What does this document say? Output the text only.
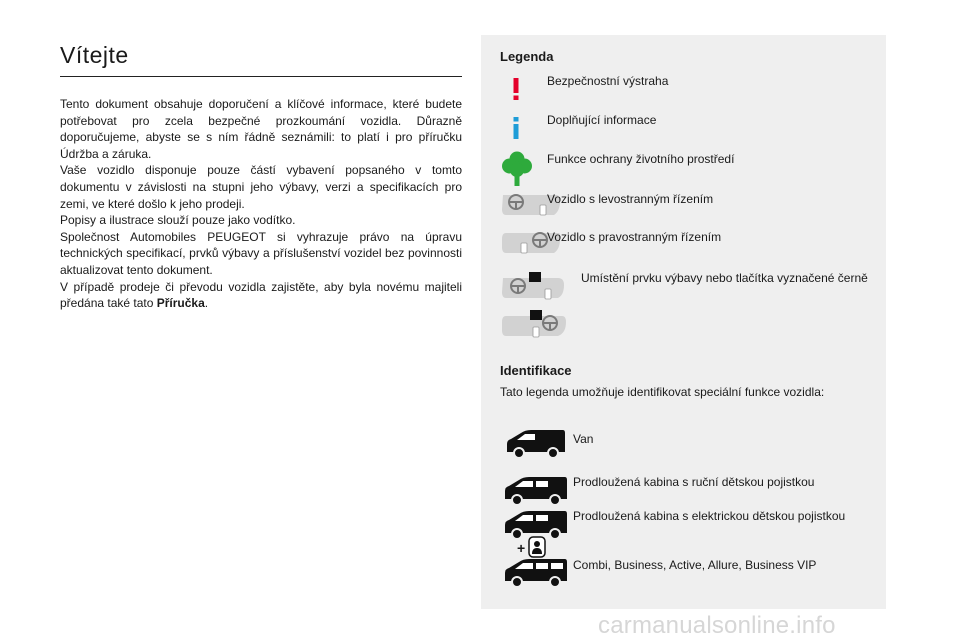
Vítejte

Tento dokument obsahuje doporučení a klíčové informace, které budete potřebovat pro zcela bezpečné prozkoumání vozidla. Důrazně doporučujeme, abyste se s ním řádně seznámili: to platí i pro příručku Údržba a záruka.

Vaše vozidlo disponuje pouze částí vybavení popsaného v tomto dokumentu v závislosti na stupni jeho výbavy, verzi a specifikacích pro zemi, ve které došlo k jeho prodeji.

Popisy a ilustrace slouží pouze jako vodítko.

Společnost Automobiles PEUGEOT si vyhrazuje právo na úpravu technických specifikací, prvků výbavy a příslušenství vozidel bez povinnosti aktualizovat tento dokument.

V případě prodeje či převodu vozidla zajistěte, aby byla novému majiteli předána také tato Příručka.

Legenda
Bezpečnostní výstraha
Doplňující informace
Funkce ochrany životního prostředí
Vozidlo s levostranným řízením
Vozidlo s pravostranným řízením
Umístění prvku výbavy nebo tlačítka vyznačené černě
Identifikace
Tato legenda umožňuje identifikovat speciální funkce vozidla:
Van
Prodloužená kabina s ruční dětskou pojistkou
Prodloužená kabina s elektrickou dětskou pojistkou
+
Combi, Business, Active, Allure, Business VIP
carmanualsonline.info
